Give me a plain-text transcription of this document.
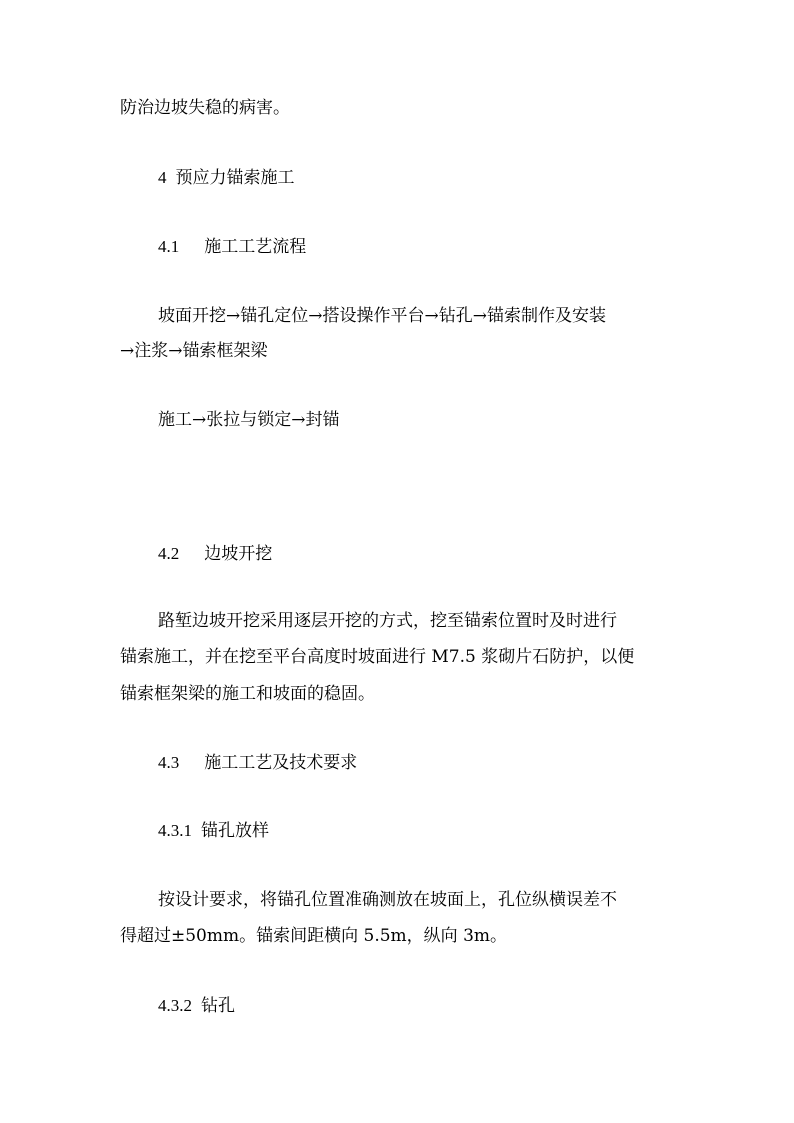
防治边坡失稳的病害。
4 预应力锚索施工
4.1 施工工艺流程
坡面开挖→锚孔定位→搭设操作平台→钻孔→锚索制作及安装
→注浆→锚索框架梁
施工→张拉与锁定→封锚
4.2 边坡开挖
路堑边坡开挖采用逐层开挖的方式，挖至锚索位置时及时进行
锚索施工，并在挖至平台高度时坡面进行 M7.5 浆砌片石防护，以便
锚索框架梁的施工和坡面的稳固。
4.3 施工工艺及技术要求
4.3.1 锚孔放样
按设计要求，将锚孔位置准确测放在坡面上，孔位纵横误差不
得超过±50mm。锚索间距横向 5.5m，纵向 3m。
4.3.2 钻孔
